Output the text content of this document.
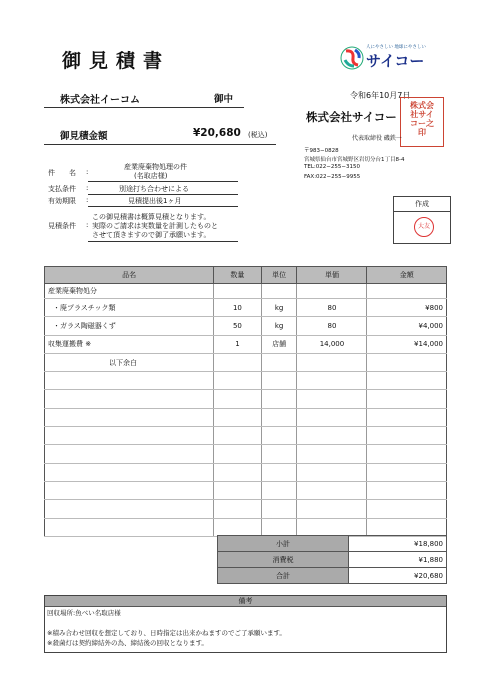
御見積書
人にやさしい 地球にやさしい
サイコー
株式会社イーコム	御中	令和6年10月7日
株式会社サイコー
株式会社サイコー之印
代表取締役 磯鉄一
〒983−0828
宮城県仙台市宮城野区岩切分台1丁目8-4
TEL:022−255−3150
FAX:022−255−9955
御見積金額	¥20,680 (税込)
件　　名 :
産業廃棄物処理の件
(名取店様)
支払条件 :	別途打ち合わせによる
有効期限 :	見積提出後1ヶ月
見積条件 :
この御見積書は概算見積となります。
実際のご請求は実数量を計測したものと
させて頂きますので御了承願います。
作成
大友
品名	数量	単位	単価	金額
産業廃棄物処分				
・廃プラスチック類	10	kg	80	¥800
・ガラス陶磁器くず	50	kg	80	¥4,000
収集運搬費 ※	1	店舗	14,000	¥14,000
以下余白				

小計	¥18,800
消費税	¥1,880
合計	¥20,680
備考
回収場所:魚べい名取店様
※積み合わせ回収を想定しており、日時指定は出来かねますのでご了承願います。
※殺菌灯は契約締結外の為、締結後の回収となります。
